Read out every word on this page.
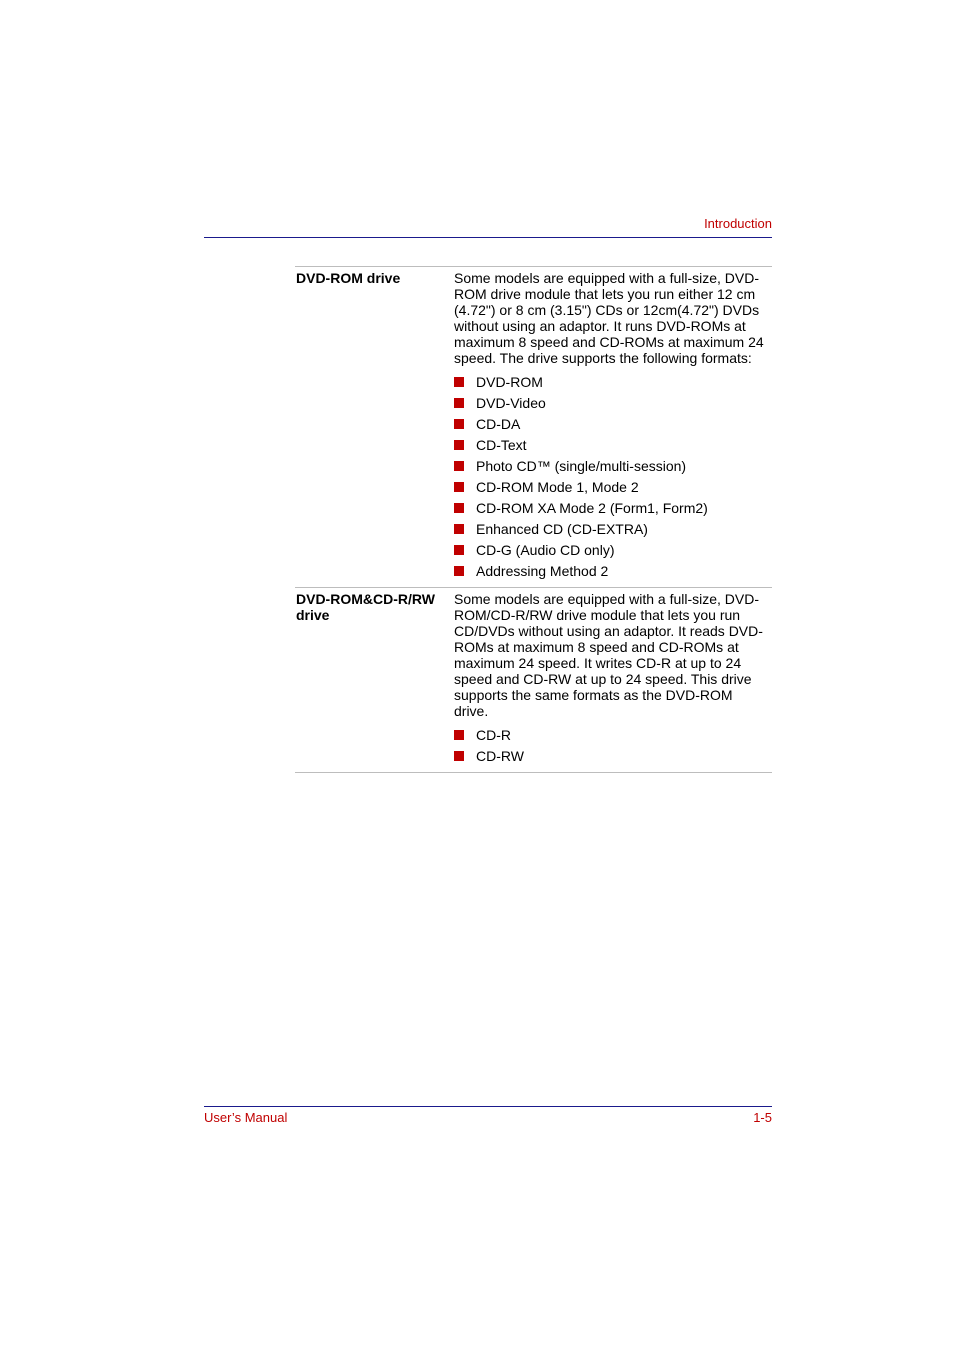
Introduction
DVD-ROM drive	Some models are equipped with a full-size, DVD-ROM drive module that lets you run either 12 cm (4.72") or 8 cm (3.15") CDs or 12cm(4.72") DVDs without using an adaptor. It runs DVD-ROMs at maximum 8 speed and CD-ROMs at maximum 24 speed. The drive supports the following formats:

DVD-ROM
DVD-Video
CD-DA
CD-Text
Photo CD™ (single/multi-session)
CD-ROM Mode 1, Mode 2
CD-ROM XA Mode 2 (Form1, Form2)
Enhanced CD (CD-EXTRA)
CD-G (Audio CD only)
Addressing Method 2
DVD-ROM&CD-R/RW drive

Some models are equipped with a full-size, DVD-ROM/CD-R/RW drive module that lets you run CD/DVDs without using an adaptor. It reads DVD-ROMs at maximum 8 speed and CD-ROMs at maximum 24 speed. It writes CD-R at up to 24 speed and CD-RW at up to 24 speed. This drive supports the same formats as the DVD-ROM drive.

CD-R
CD-RW
User’s Manual	1-5
